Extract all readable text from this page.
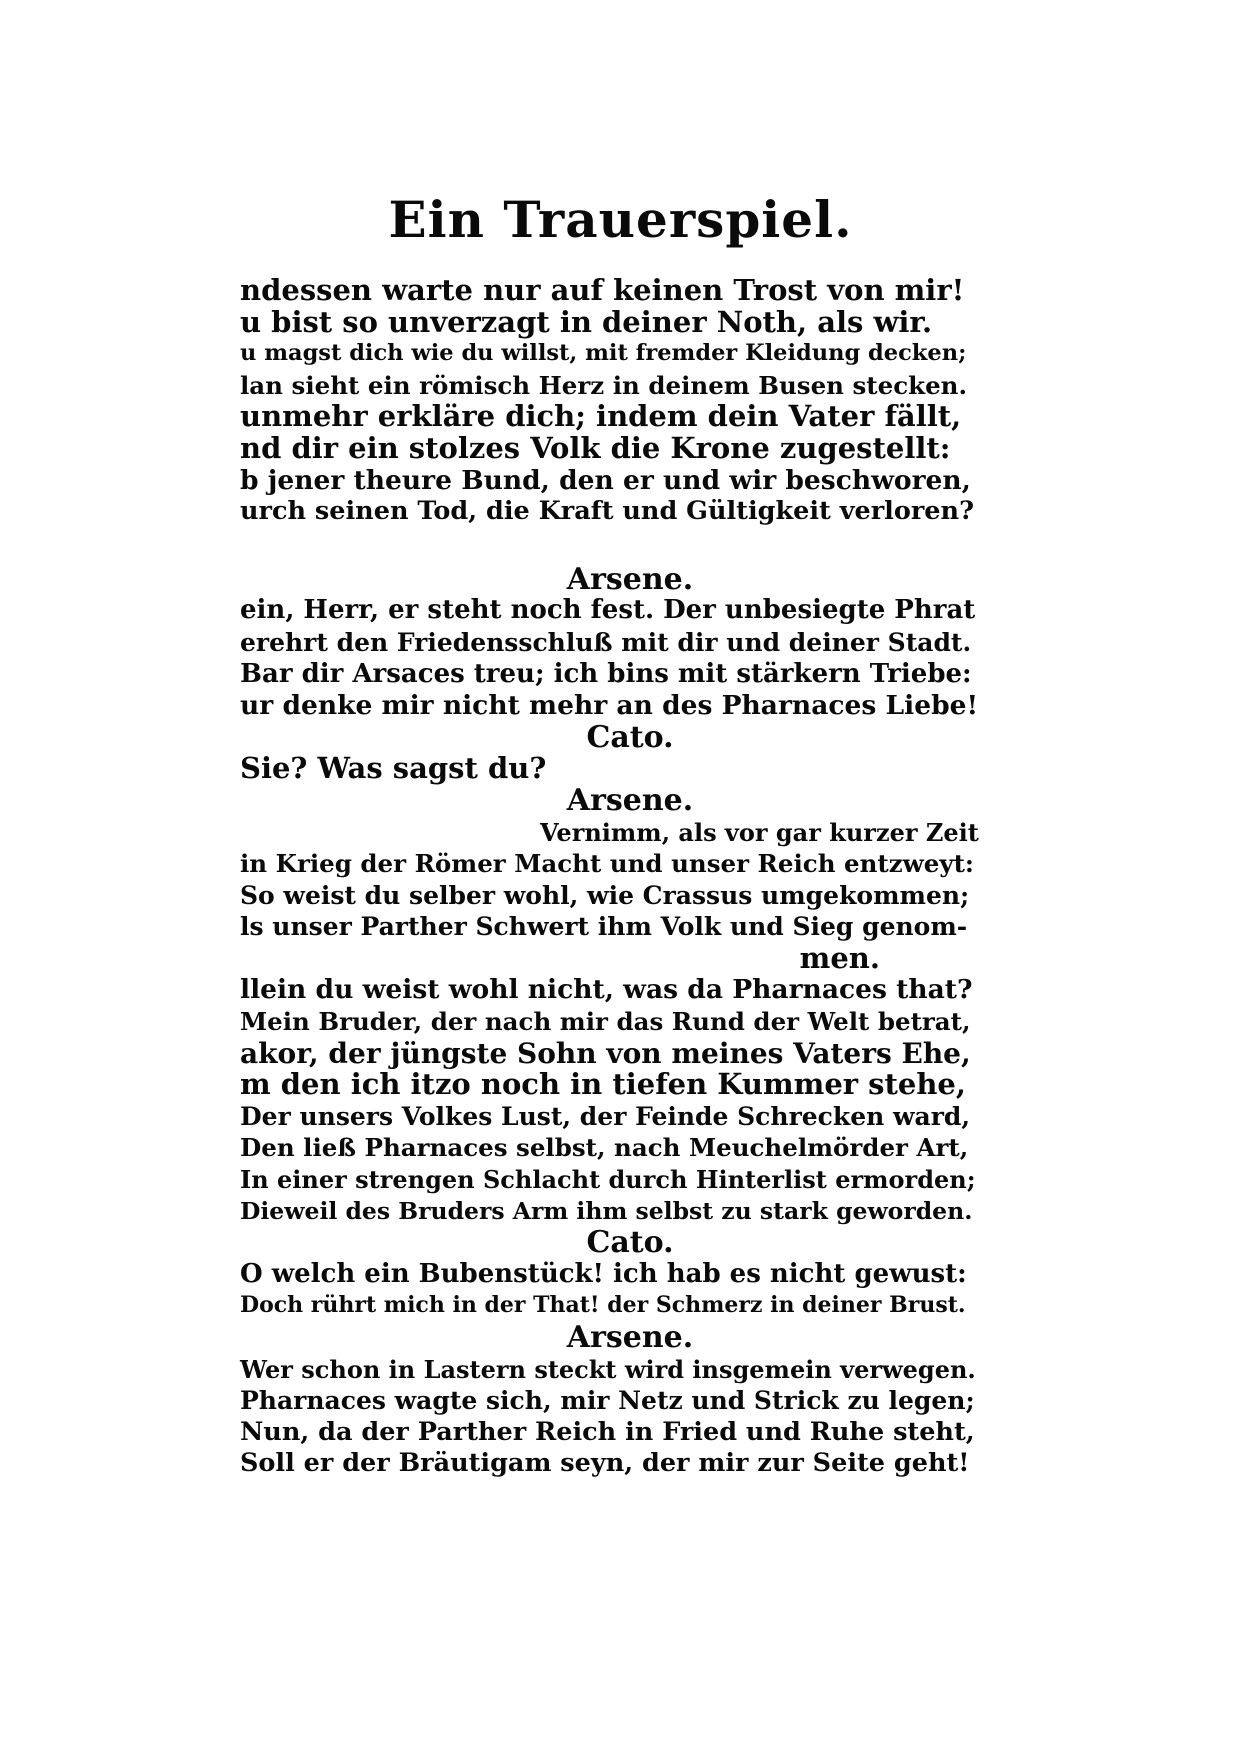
Ein Trauerspiel.
ndessen warte nur auf keinen Trost von mir!
u bist so unverzagt in deiner Noth, als wir.
u magst dich wie du willst, mit fremder Kleidung decken;
lan sieht ein römisch Herz in deinem Busen stecken.
unmehr erkläre dich; indem dein Vater fällt,
nd dir ein stolzes Volk die Krone zugestellt:
b jener theure Bund, den er und wir beschworen,
urch seinen Tod, die Kraft und Gültigkeit verloren?
Arsene.
ein, Herr, er steht noch fest. Der unbesiegte Phrat
erehrt den Friedensschluß mit dir und deiner Stadt.
Bar dir Arsaces treu; ich bins mit stärkern Triebe:
ur denke mir nicht mehr an des Pharnaces Liebe!
Cato.
Sie? Was sagst du?
Arsene.
Vernimm, als vor gar kurzer Zeit
in Krieg der Römer Macht und unser Reich entzweyt:
So weist du selber wohl, wie Crassus umgekommen;
ls unser Parther Schwert ihm Volk und Sieg genom-
men.
llein du weist wohl nicht, was da Pharnaces that?
Mein Bruder, der nach mir das Rund der Welt betrat,
akor, der jüngste Sohn von meines Vaters Ehe,
m den ich itzo noch in tiefen Kummer stehe,
Der unsers Volkes Lust, der Feinde Schrecken ward,
Den ließ Pharnaces selbst, nach Meuchelmörder Art,
In einer strengen Schlacht durch Hinterlist ermorden;
Dieweil des Bruders Arm ihm selbst zu stark geworden.
Cato.
O welch ein Bubenstück! ich hab es nicht gewust:
Doch rührt mich in der That! der Schmerz in deiner Brust.
Arsene.
Wer schon in Lastern steckt wird insgemein verwegen.
Pharnaces wagte sich, mir Netz und Strick zu legen;
Nun, da der Parther Reich in Fried und Ruhe steht,
Soll er der Bräutigam seyn, der mir zur Seite geht!
